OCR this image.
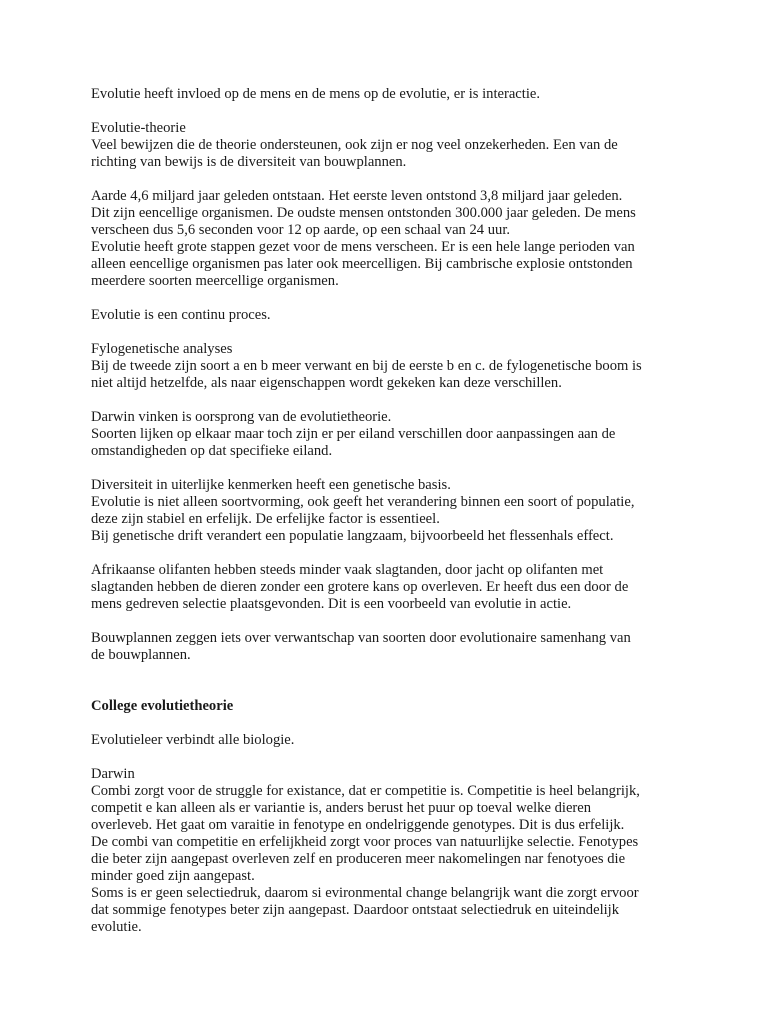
Evolutie heeft invloed op de mens en de mens op de evolutie, er is interactie.
Evolutie-theorie
Veel bewijzen die de theorie ondersteunen, ook zijn er nog veel onzekerheden. Een van de
richting van bewijs is de diversiteit van bouwplannen.
Aarde 4,6 miljard jaar geleden ontstaan. Het eerste leven ontstond 3,8 miljard jaar geleden.
Dit zijn eencellige organismen. De oudste mensen ontstonden 300.000 jaar geleden. De mens
verscheen dus 5,6 seconden voor 12 op aarde, op een schaal van 24 uur.
Evolutie heeft grote stappen gezet voor de mens verscheen. Er is een hele lange perioden van
alleen eencellige organismen pas later ook meercelligen. Bij cambrische explosie ontstonden
meerdere soorten meercellige organismen.
Evolutie is een continu proces.
Fylogenetische analyses
Bij de tweede zijn soort a en b meer verwant en bij de eerste b en c. de fylogenetische boom is
niet altijd hetzelfde, als naar eigenschappen wordt gekeken kan deze verschillen.
Darwin vinken is oorsprong van de evolutietheorie.
Soorten lijken op elkaar maar toch zijn er per eiland verschillen door aanpassingen aan de
omstandigheden op dat specifieke eiland.
Diversiteit in uiterlijke kenmerken heeft een genetische basis.
Evolutie is niet alleen soortvorming, ook geeft het verandering binnen een soort of populatie,
deze zijn stabiel en erfelijk. De erfelijke factor is essentieel.
Bij genetische drift verandert een populatie langzaam, bijvoorbeeld het flessenhals effect.
Afrikaanse olifanten hebben steeds minder vaak slagtanden, door jacht op olifanten met
slagtanden hebben de dieren zonder een grotere kans op overleven. Er heeft dus een door de
mens gedreven selectie plaatsgevonden. Dit is een voorbeeld van evolutie in actie.
Bouwplannen zeggen iets over verwantschap van soorten door evolutionaire samenhang van
de bouwplannen.
College evolutietheorie
Evolutieleer verbindt alle biologie.
Darwin
Combi zorgt voor de struggle for existance, dat er competitie is. Competitie is heel belangrijk,
competit e kan alleen als er variantie is, anders berust het puur op toeval welke dieren
overleveb. Het gaat om varaitie in fenotype en ondelriggende genotypes. Dit is dus erfelijk.
De combi van competitie en erfelijkheid zorgt voor proces van natuurlijke selectie. Fenotypes
die beter zijn aangepast overleven zelf en produceren meer nakomelingen nar fenotyoes die
minder goed zijn aangepast.
Soms is er geen selectiedruk, daarom si evironmental change belangrijk want die zorgt ervoor
dat sommige fenotypes beter zijn aangepast. Daardoor ontstaat selectiedruk en uiteindelijk
evolutie.
